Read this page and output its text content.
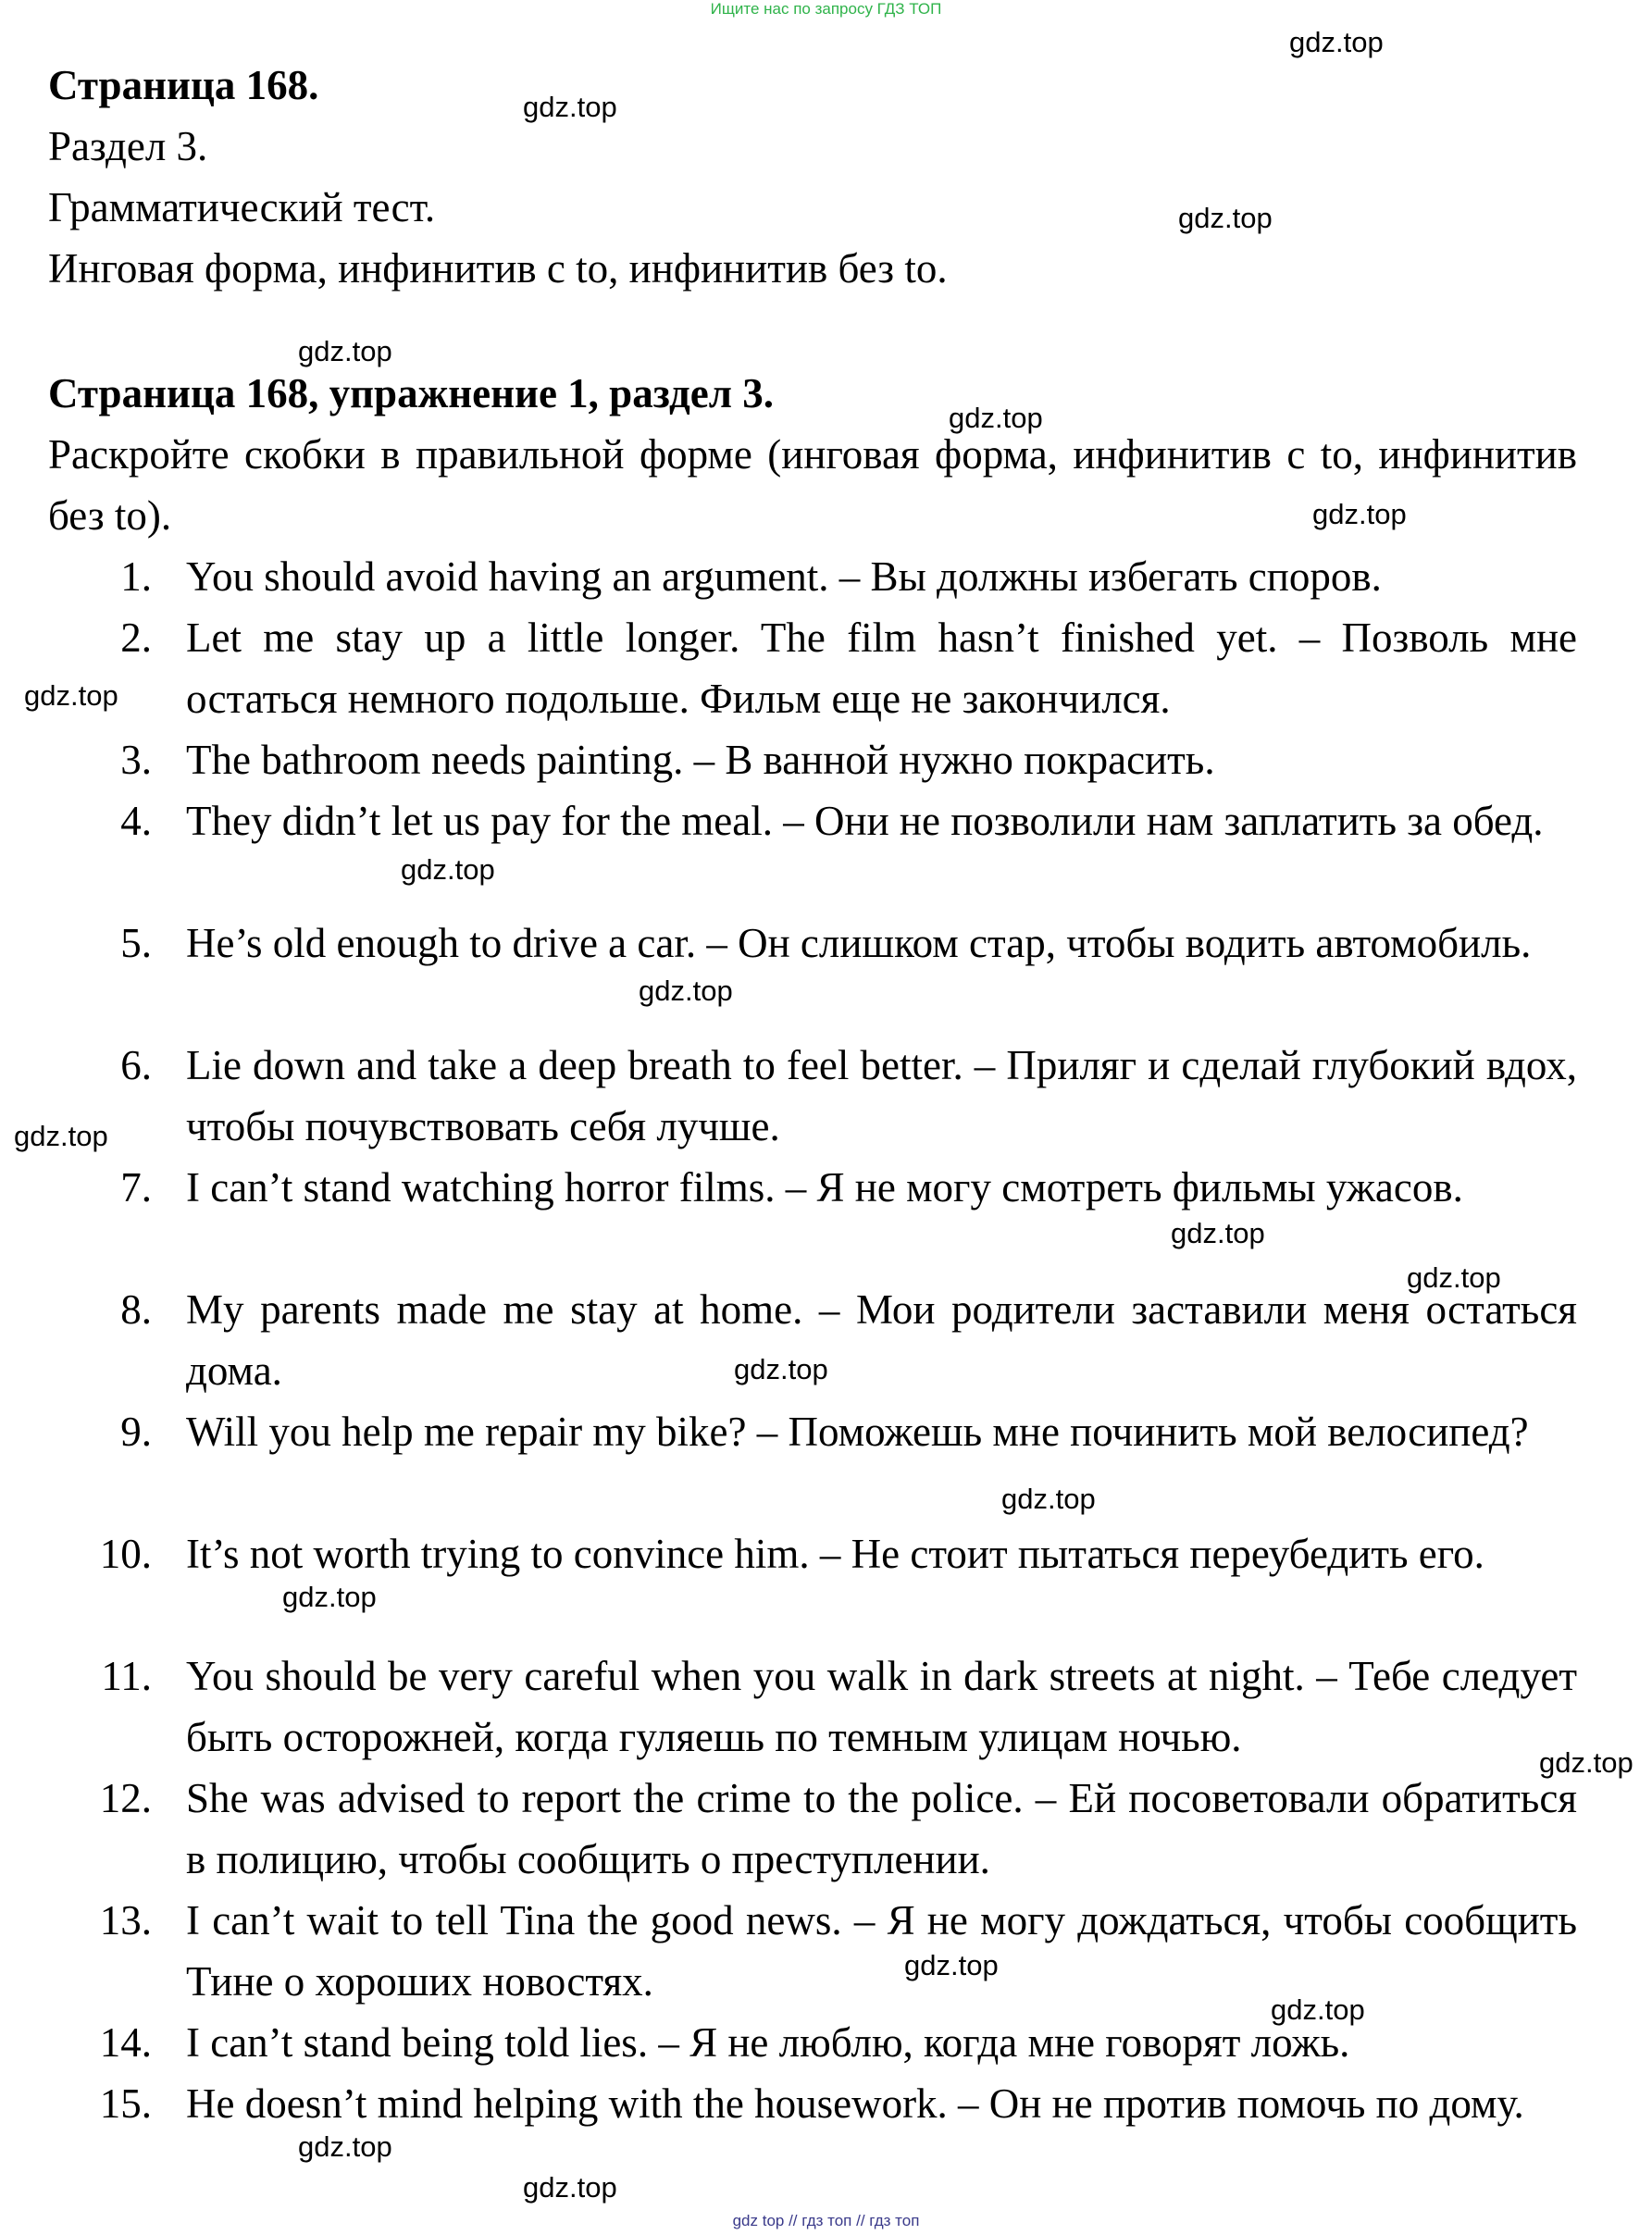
Ищите нас по запросу ГДЗ ТОП
Страница 168.
Раздел 3.
Грамматический тест.
Инговая форма, инфинитив с to, инфинитив без to.
Страница 168, упражнение 1, раздел 3.
Раскройте скобки в правильной форме (инговая форма, инфинитив с to, инфинитив без to).
1. You should avoid having an argument. – Вы должны избегать споров.
2. Let me stay up a little longer. The film hasn’t finished yet. – Позволь мне остаться немного подольше. Фильм еще не закончился.
3. The bathroom needs painting. – В ванной нужно покрасить.
4. They didn’t let us pay for the meal. – Они не позволили нам заплатить за обед.
5. He’s old enough to drive a car. – Он слишком стар, чтобы водить автомобиль.
6. Lie down and take a deep breath to feel better. – Приляг и сделай глубокий вдох, чтобы почувствовать себя лучше.
7. I can’t stand watching horror films. – Я не могу смотреть фильмы ужасов.
8. My parents made me stay at home. – Мои родители заставили меня остаться дома.
9. Will you help me repair my bike? – Поможешь мне починить мой велосипед?
10. It’s not worth trying to convince him. – Не стоит пытаться переубедить его.
11. You should be very careful when you walk in dark streets at night. – Тебе следует быть осторожней, когда гуляешь по темным улицам ночью.
12. She was advised to report the crime to the police. – Ей посоветовали обратиться в полицию, чтобы сообщить о преступлении.
13. I can’t wait to tell Tina the good news. – Я не могу дождаться, чтобы сообщить Тине о хороших новостях.
14. I can’t stand being told lies. – Я не люблю, когда мне говорят ложь.
15. He doesn’t mind helping with the housework. – Он не против помочь по дому.
gdz.top
gdz.top
gdz.top
gdz.top
gdz.top
gdz.top
gdz.top
gdz.top
gdz.top
gdz.top
gdz.top
gdz.top
gdz.top
gdz.top
gdz.top
gdz.top
gdz.top
gdz.top
gdz.top
gdz.top
gdz top // гдз топ // гдз топ
